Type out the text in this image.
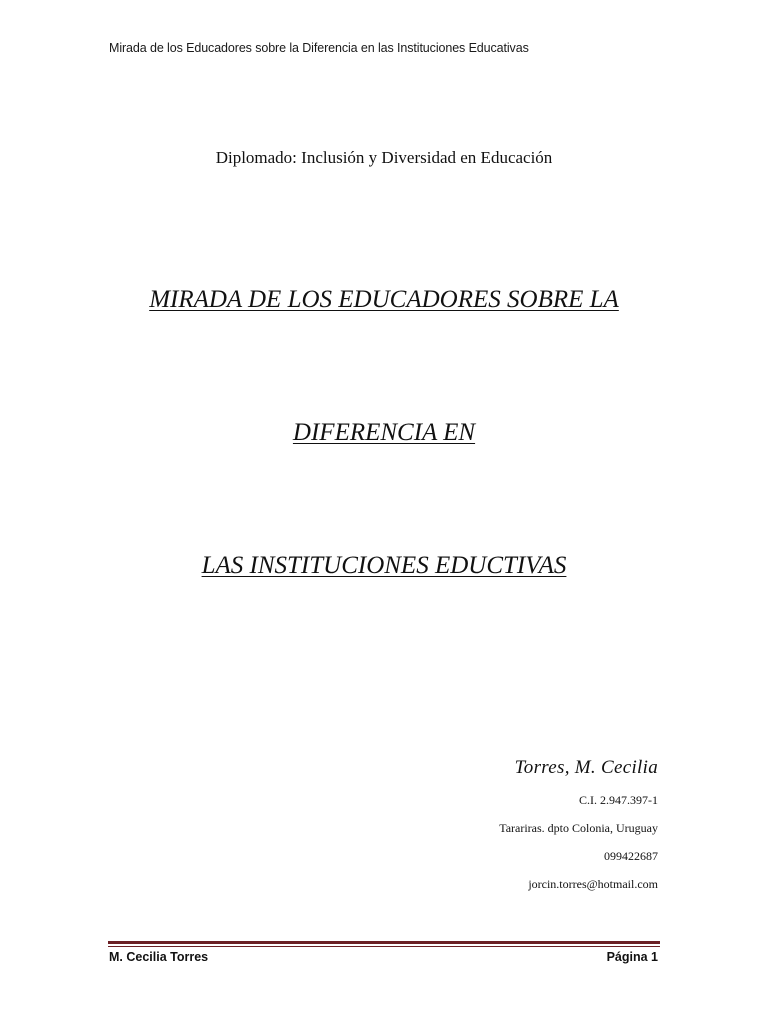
Mirada de los Educadores sobre la Diferencia en las Instituciones Educativas
Diplomado: Inclusión y Diversidad en Educación
MIRADA DE LOS EDUCADORES SOBRE LA
DIFERENCIA EN
LAS INSTITUCIONES EDUCTIVAS
Torres, M. Cecilia
C.I. 2.947.397-1
Tarariras. dpto Colonia, Uruguay
099422687
jorcin.torres@hotmail.com
M. Cecilia Torres	Página 1
